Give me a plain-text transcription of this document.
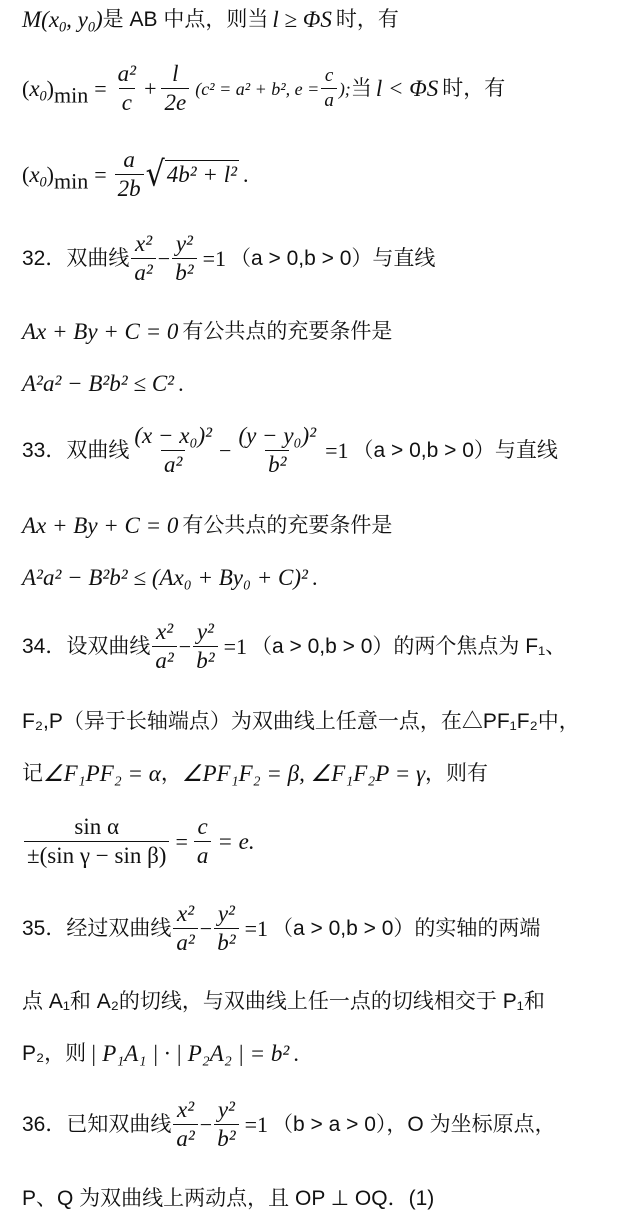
$M(x_0$, $y_0$) 是 AB 中点，则当 l ≥ ΦS 时，有
$(x_0)_{min} = \frac{\text{a²}}{c} + \frac{l}{2e} (c^2 = a^2 + b^2$, $e = \frac{c}{a}$ ); 当 l < ΦS 时，有
$(x_0)_{min} = \frac{a}{2b}$ √ 4b² + l² .
32．双曲线 $\frac{\text{x²}}{\text{a²}} - \frac{\text{y²}}{\text{b²}} =1$ （a > 0,b > 0）与直线
Ax + By + C = 0 有公共点的充要条件是
A²a² − B²b² ≤ C² .
33．双曲线 $\frac{\text{(x − x₀)²}}{\text{a²}} - \frac{\text{(y − y₀)²}}{\text{b²}} =1$ （a > 0,b > 0）与直线
Ax + By + C = 0 有公共点的充要条件是
A²a² − B²b² ≤ (Ax₀ + By₀ + C)² .
34．设双曲线 $\frac{\text{x²}}{\text{a²}} - \frac{\text{y²}}{\text{b²}} =1$ （a > 0,b > 0）的两个焦点为 F₁、
F₂,P（异于长轴端点）为双曲线上任意一点，在△PF₁F₂中，
记 ∠F₁PF₂ = α ， ∠PF₁F₂ = β, ∠F₁F₂P = γ ，则有
$\frac{\text{sin α}}{\text{±(sin γ − sin β)}} = \frac{c}{a} = e$.
35．经过双曲线 $\frac{\text{x²}}{\text{a²}} - \frac{\text{y²}}{\text{b²}} =1$ （a > 0,b > 0）的实轴的两端
点 A₁和 A₂的切线，与双曲线上任一点的切线相交于 P₁和
P₂，则 | P₁A₁ | · | P₂A₂ | = b² .
36．已知双曲线 $\frac{\text{x²}}{\text{a²}} - \frac{\text{y²}}{\text{b²}} =1$ （b > a > 0），O 为坐标原点，
P、Q 为双曲线上两动点，且 OP ⊥ OQ．(1)
